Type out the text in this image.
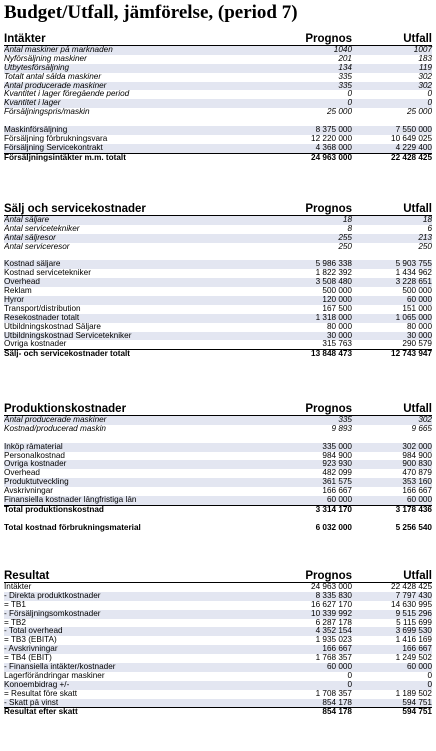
Budget/Utfall, jämförelse, (period 7)
Intäkter	Prognos	Utfall
Antal maskiner på marknaden	1040	1007
Nyförsäljning maskiner	201	183
Utbytesförsäljning	134	119
Totalt antal sålda maskiner	335	302
Antal producerade maskiner	335	302
Kvantitet i lager föregående period	0	0
Kvantitet i lager	0	0
Försäljningspris/maskin	25 000	25 000
Maskinförsäljning	8 375 000	7 550 000
Försäljning förbrukningsvara	12 220 000	10 649 025
Försäljning Servicekontrakt	4 368 000	4 229 400
Försäljningsintäkter m.m. totalt	24 963 000	22 428 425
Sälj och servicekostnader	Prognos	Utfall
Antal säljare	18	18
Antal servicetekniker	8	6
Antal säljresor	255	213
Antal serviceresor	250	250
Kostnad säljare	5 986 338	5 903 755
Kostnad servicetekniker	1 822 392	1 434 962
Overhead	3 508 480	3 228 651
Reklam	500 000	500 000
Hyror	120 000	60 000
Transport/distribution	167 500	151 000
Resekostnader totalt	1 318 000	1 065 000
Utbildningskostnad Säljare	80 000	80 000
Utbildningskostnad Servicetekniker	30 000	30 000
Övriga kostnader	315 763	290 579
Sälj- och servicekostnader totalt	13 848 473	12 743 947
Produktionskostnader	Prognos	Utfall
Antal producerade maskiner	335	302
Kostnad/producerad maskin	9 893	9 665
Inköp råmaterial	335 000	302 000
Personalkostnad	984 900	984 900
Övriga kostnader	923 930	900 830
Overhead	482 099	470 879
Produktutveckling	361 575	353 160
Avskrivningar	166 667	166 667
Finansiella kostnader långfristiga lån	60 000	60 000
Total produktionskostnad	3 314 170	3 178 436
Total kostnad förbrukningsmaterial	6 032 000	5 256 540
Resultat	Prognos	Utfall
Intäkter	24 963 000	22 428 425
- Direkta produktkostnader	8 335 830	7 797 430
= TB1	16 627 170	14 630 995
- Försäljningsomkostnader	10 339 992	9 515 296
= TB2	6 287 178	5 115 699
- Total overhead	4 352 154	3 699 530
= TB3 (EBITA)	1 935 023	1 416 169
- Avskrivningar	166 667	166 667
= TB4 (EBIT)	1 768 357	1 249 502
- Finansiella intäkter/kostnader	60 000	60 000
Lagerförändringar maskiner	0	0
Konoembidrag +/-	0	0
= Resultat före skatt	1 708 357	1 189 502
- Skatt på vinst	854 178	594 751
Resultat efter skatt	854 178	594 751
